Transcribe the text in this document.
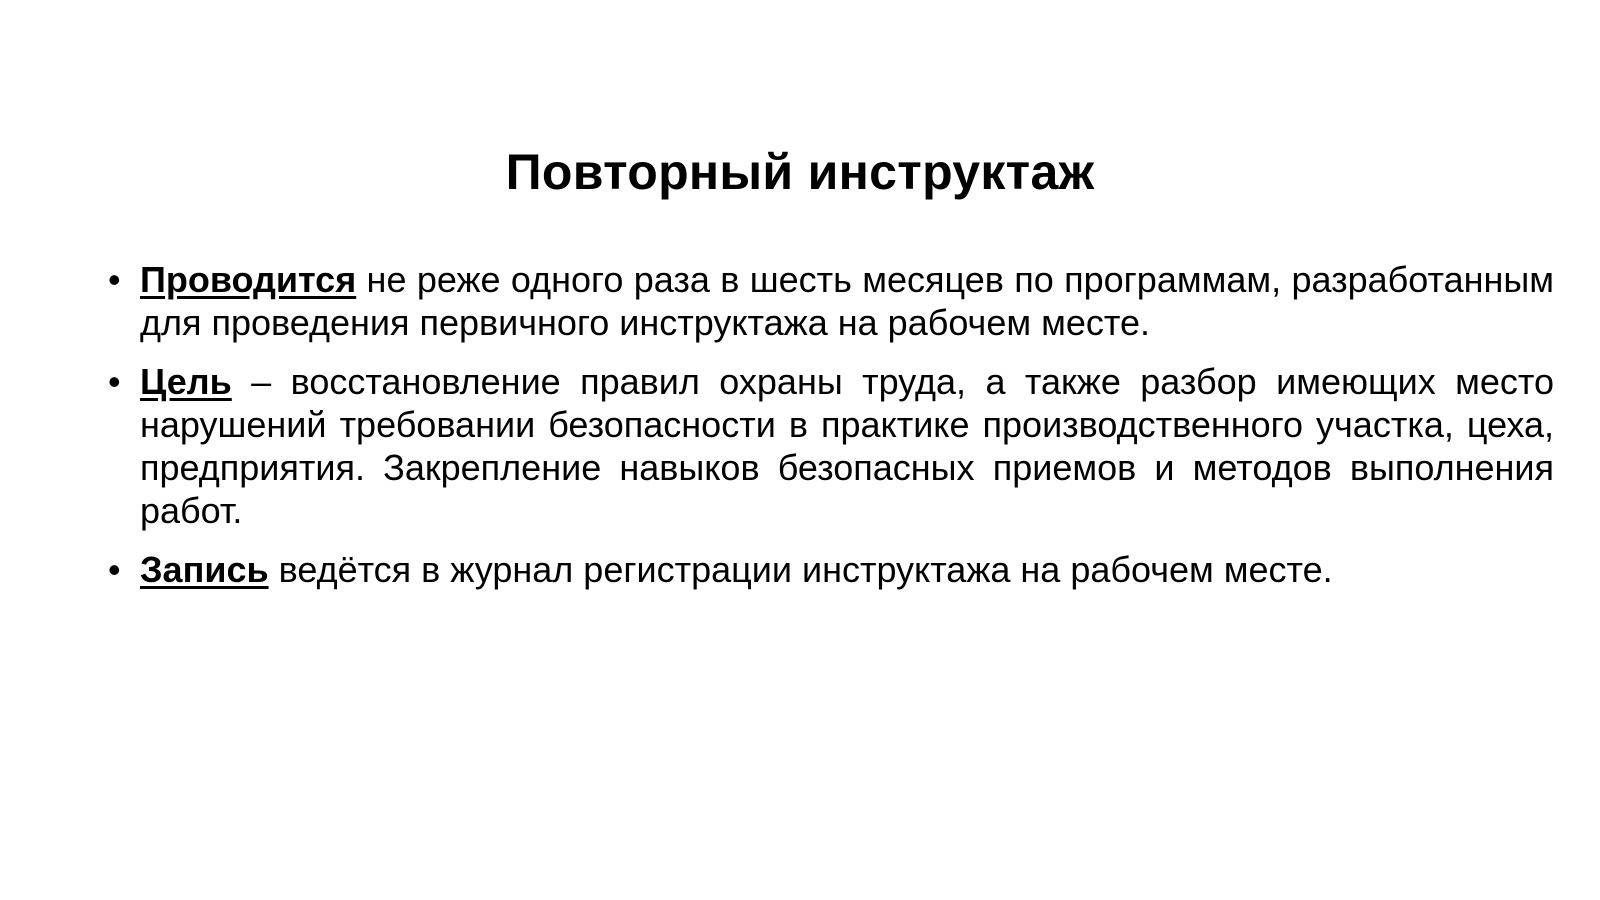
Повторный инструктаж
• Проводится не реже одного раза в шесть месяцев по программам, разработанным для проведения первичного инструктажа на рабочем месте.
• Цель – восстановление правил охраны труда, а также разбор имеющих место нарушений требовании безопасности в практике производственного участка, цеха, предприятия. Закрепление навыков безопасных приемов и методов выполнения работ.
• Запись ведётся в журнал регистрации инструктажа на рабочем месте.
